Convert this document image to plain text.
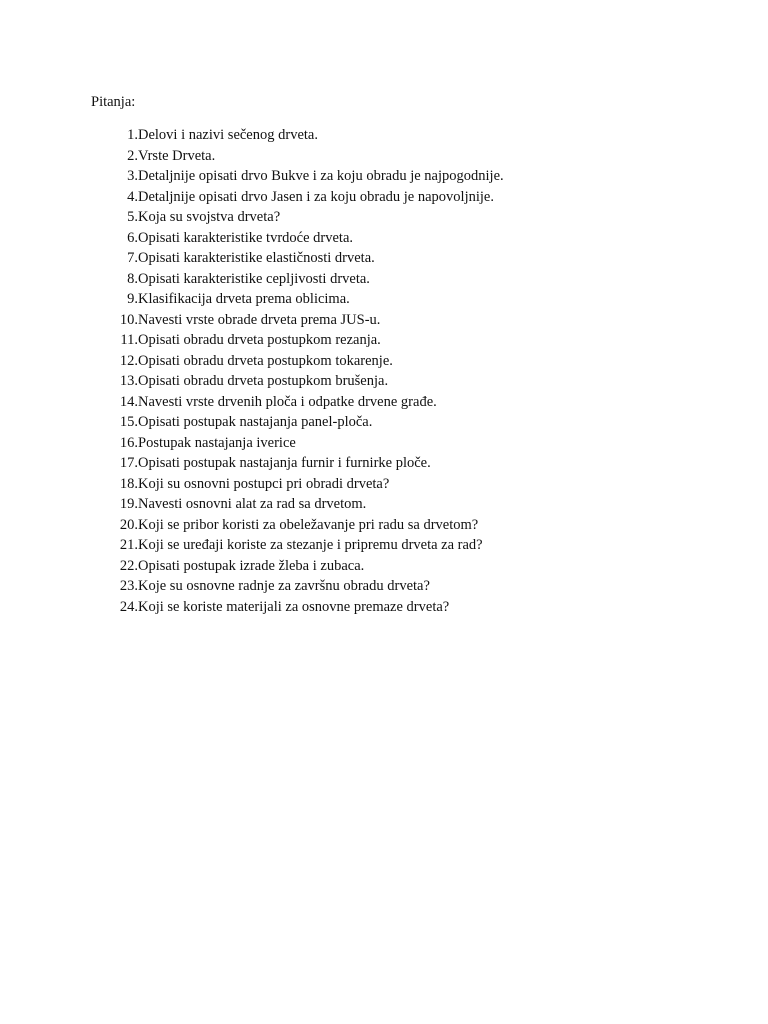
Pitanja:
1. Delovi i nazivi sečenog drveta.
2. Vrste Drveta.
3. Detaljnije opisati drvo Bukve i za koju obradu je najpogodnije.
4. Detaljnije opisati drvo Jasen i za koju obradu je napovoljnije.
5. Koja su svojstva drveta?
6. Opisati karakteristike tvrdoće drveta.
7. Opisati karakteristike elastičnosti drveta.
8. Opisati karakteristike cepljivosti drveta.
9. Klasifikacija drveta prema oblicima.
10. Navesti vrste obrade drveta prema JUS-u.
11. Opisati obradu drveta postupkom rezanja.
12. Opisati obradu drveta postupkom tokarenje.
13. Opisati obradu drveta postupkom brušenja.
14. Navesti vrste drvenih ploča i odpatke drvene građe.
15. Opisati postupak nastajanja panel-ploča.
16. Postupak nastajanja iverice
17. Opisati postupak nastajanja furnir i furnirke ploče.
18. Koji su osnovni postupci pri obradi drveta?
19. Navesti osnovni alat za rad sa drvetom.
20. Koji se pribor koristi za obeležavanje pri radu sa drvetom?
21. Koji se uređaji koriste za stezanje i pripremu drveta za rad?
22. Opisati postupak izrade žleba i zubaca.
23. Koje su osnovne radnje za završnu obradu drveta?
24. Koji se koriste materijali za osnovne premaze drveta?
